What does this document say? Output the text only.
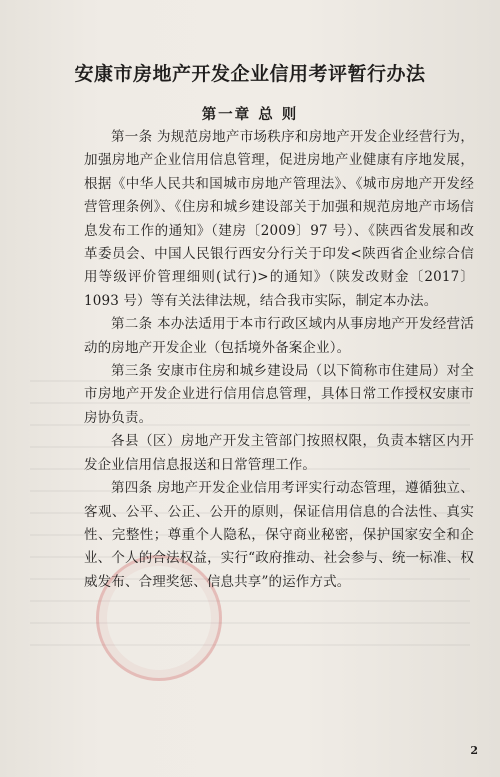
安康市房地产开发企业信用考评暂行办法
第一章 总 则

第一条 为规范房地产市场秩序和房地产开发企业经营行为，加强房地产企业信用信息管理，促进房地产业健康有序地发展，根据《中华人民共和国城市房地产管理法》、《城市房地产开发经营管理条例》、《住房和城乡建设部关于加强和规范房地产市场信息发布工作的通知》（建房〔2009〕97 号）、《陕西省发展和改革委员会、中国人民银行西安分行关于印发<陕西省企业综合信用等级评价管理细则(试行)>的通知》（陕发改财金〔2017〕1093 号）等有关法律法规，结合我市实际，制定本办法。

第二条 本办法适用于本市行政区域内从事房地产开发经营活动的房地产开发企业（包括境外备案企业）。

第三条 安康市住房和城乡建设局（以下简称市住建局）对全市房地产开发企业进行信用信息管理，具体日常工作授权安康市房协负责。

各县（区）房地产开发主管部门按照权限，负责本辖区内开发企业信用信息报送和日常管理工作。

第四条 房地产开发企业信用考评实行动态管理，遵循独立、客观、公平、公正、公开的原则，保证信用信息的合法性、真实性、完整性；尊重个人隐私，保守商业秘密，保护国家安全和企业、个人的合法权益，实行“政府推动、社会参与、统一标准、权威发布、合理奖惩、信息共享”的运作方式。

2
